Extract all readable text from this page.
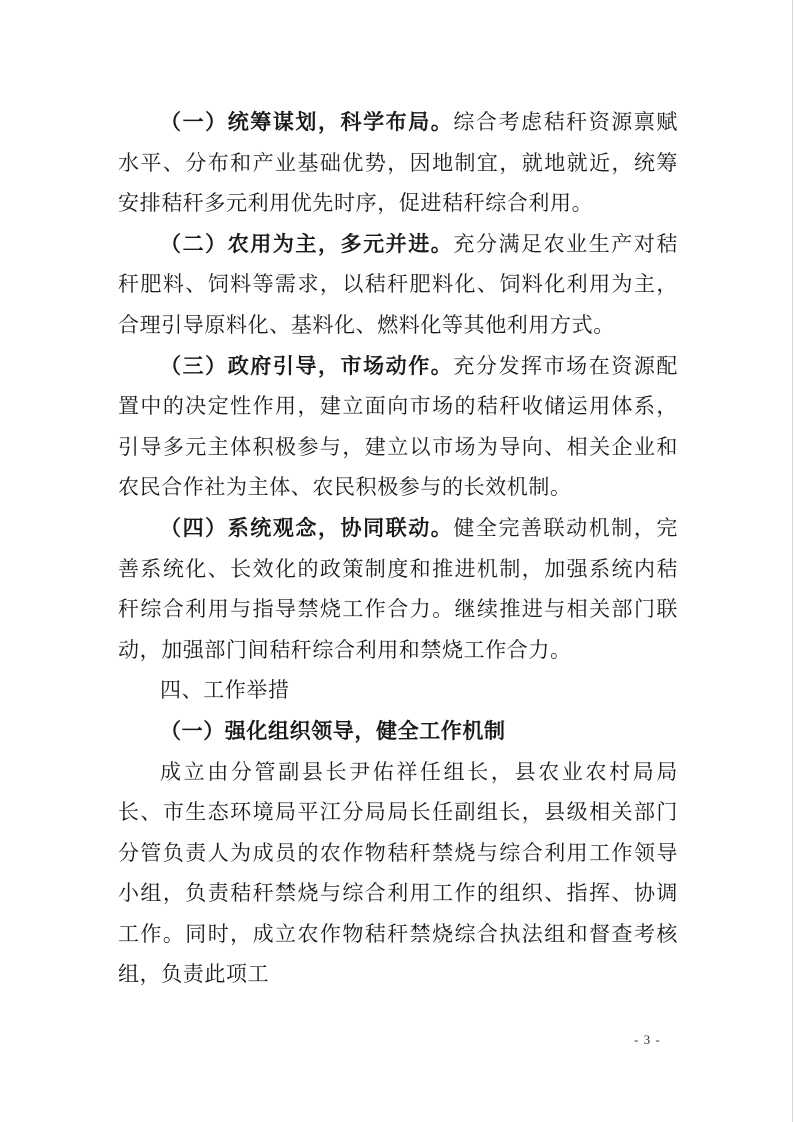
（一）统筹谋划，科学布局。综合考虑秸秆资源禀赋水平、分布和产业基础优势，因地制宜，就地就近，统筹安排秸秆多元利用优先时序，促进秸秆综合利用。

（二）农用为主，多元并进。充分满足农业生产对秸秆肥料、饲料等需求，以秸秆肥料化、饲料化利用为主，合理引导原料化、基料化、燃料化等其他利用方式。

（三）政府引导，市场动作。充分发挥市场在资源配置中的决定性作用，建立面向市场的秸秆收储运用体系，引导多元主体积极参与，建立以市场为导向、相关企业和农民合作社为主体、农民积极参与的长效机制。

（四）系统观念，协同联动。健全完善联动机制，完善系统化、长效化的政策制度和推进机制，加强系统内秸秆综合利用与指导禁烧工作合力。继续推进与相关部门联动，加强部门间秸秆综合利用和禁烧工作合力。

四、工作举措

（一）强化组织领导，健全工作机制

成立由分管副县长尹佑祥任组长，县农业农村局局长、市生态环境局平江分局局长任副组长，县级相关部门分管负责人为成员的农作物秸秆禁烧与综合利用工作领导小组，负责秸秆禁烧与综合利用工作的组织、指挥、协调工作。同时，成立农作物秸秆禁烧综合执法组和督查考核组，负责此项工

- 3 -
